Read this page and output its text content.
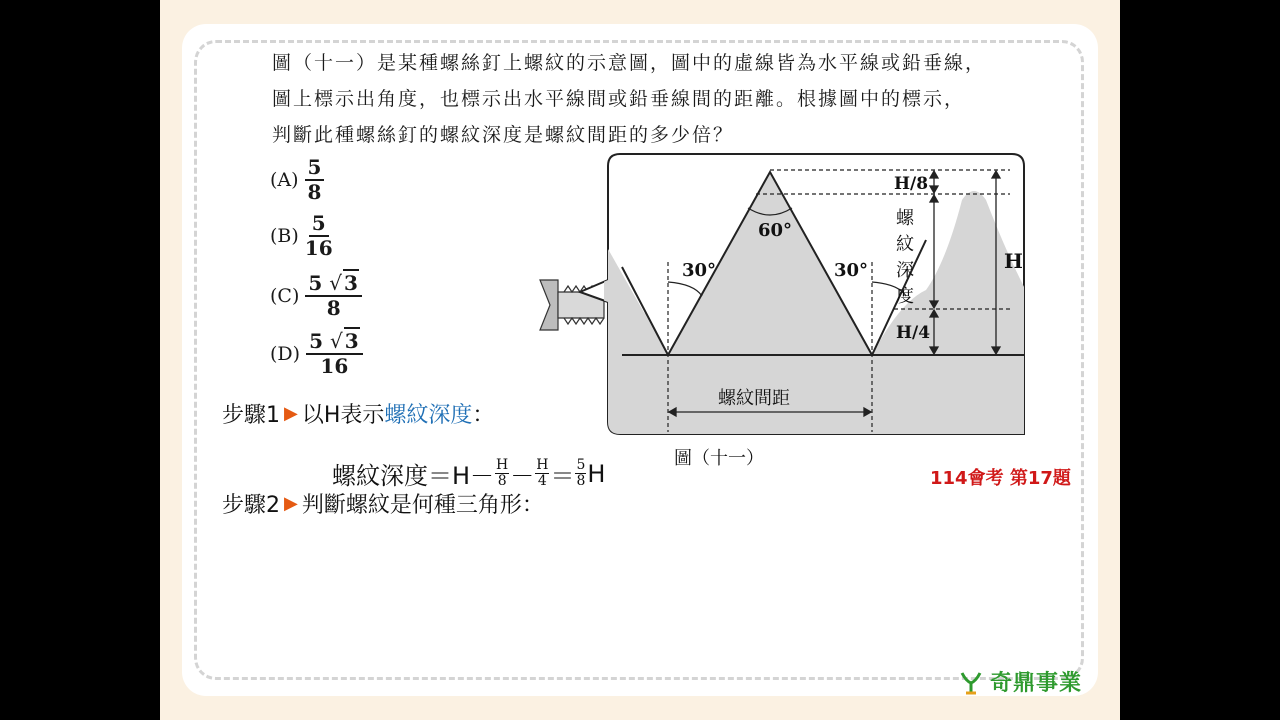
圖（十一）是某種螺絲釘上螺紋的示意圖，圖中的虛線皆為水平線或鉛垂線，
圖上標示出角度，也標示出水平線間或鉛垂線間的距離。根據圖中的標示，
判斷此種螺絲釘的螺紋深度是螺紋間距的多少倍？
$(A) \frac{5}{8}$
$(B) \frac{5}{16}$
$(C) \frac{5 √ 3}{8}$
$(D) \frac{5 √ 3}{16}$
60°
30°	30°
H/8
螺
紋
深
度
H
H/4
螺紋間距
圖（十一）
步驟1 ▶ 以H表示 螺紋深度 ：
螺紋深度＝H－ H
8 － H
4 ＝ 5
8 H
步驟2 ▶ 判斷螺紋是何種三角形：
114會考 第17題
奇鼎事業
